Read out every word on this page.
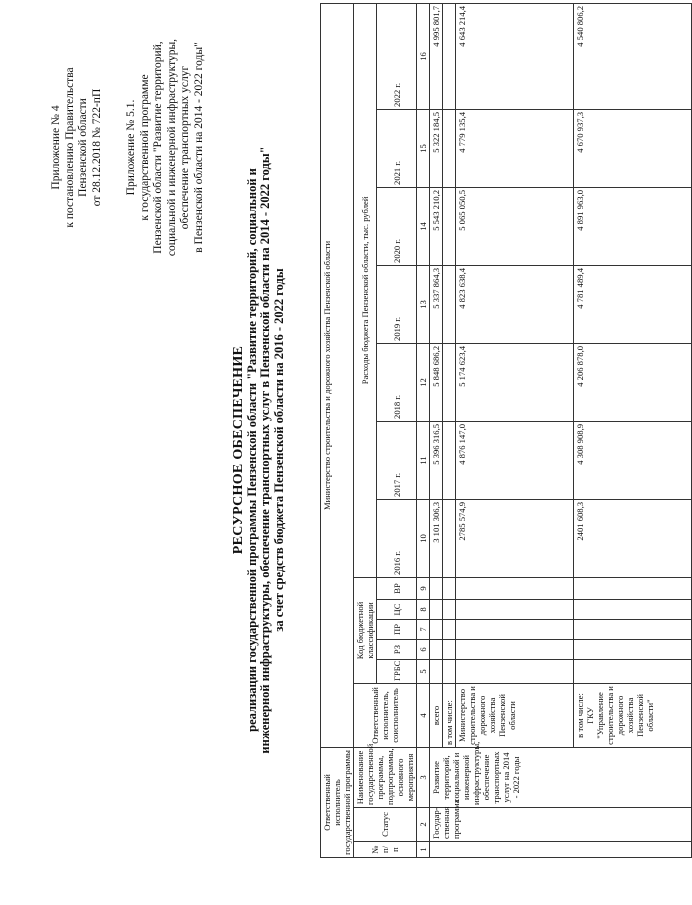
Приложение № 4 к постановлению Правительства Пензенской области от 28.12.2018 № 722-пП Приложение № 5.1. к государственной программе Пензенской области "Развитие территорий, социальной и инженерной инфраструктуры, обеспечение транспортных услуг в Пензенской области на 2014 - 2022 годы"
РЕСУРСНОЕ ОБЕСПЕЧЕНИЕ
реализации государственной программы Пензенской области "Развитие территорий, социальной и инженерной инфраструктуры, обеспечение транспортных услуг в Пензенской области на 2014 - 2022 годы" за счет средств бюджета Пензенской области на 2016 - 2022 годы
Ответственный исполнитель государственной программы			Министерство строительства и дорожного хозяйства Пензенской области												
№ п/п	Статус	Наименование государственной программы, подпрограммы, основного мероприятия	Ответственный исполнитель, соисполнитель	Код бюджетной классификации					Расходы бюджета Пензенской области, тыс. рублей						
				ГРБС	РЗ	ПР	ЦС	ВР	2016 г.	2017 г.	2018 г.	2019 г.	2020 г.	2021 г.	2022 г.

1	2	3	4	5	6	7	8	9	10	11	12	13	14	15	16
	Государ-ственная программа	Развитие территорий, социальной и инженерной инфраструктуры, обеспечение транспортных услуг на 2014 - 2022 годы	всего						3 101 306,3	5 396 316,5	5 848 686,2	5 337 864,3	5 543 210,2	5 322 184,5	4 995 801,7
			в том числе:												
			Министерство строительства и дорожного хозяйства Пензенской области						2785 574,9	4 876 147,0	5 174 623,4	4 823 638,4	5 065 050,5	4 779 135,4	4 643 214,4
			в том числе: ГКУ "Управление строительства и дорожного хозяйства Пензенской области"						2401 608,3	4 308 908,9	4 206 878,0	4 781 489,4	4 891 963,0	4 670 937,3	4 540 806,2
